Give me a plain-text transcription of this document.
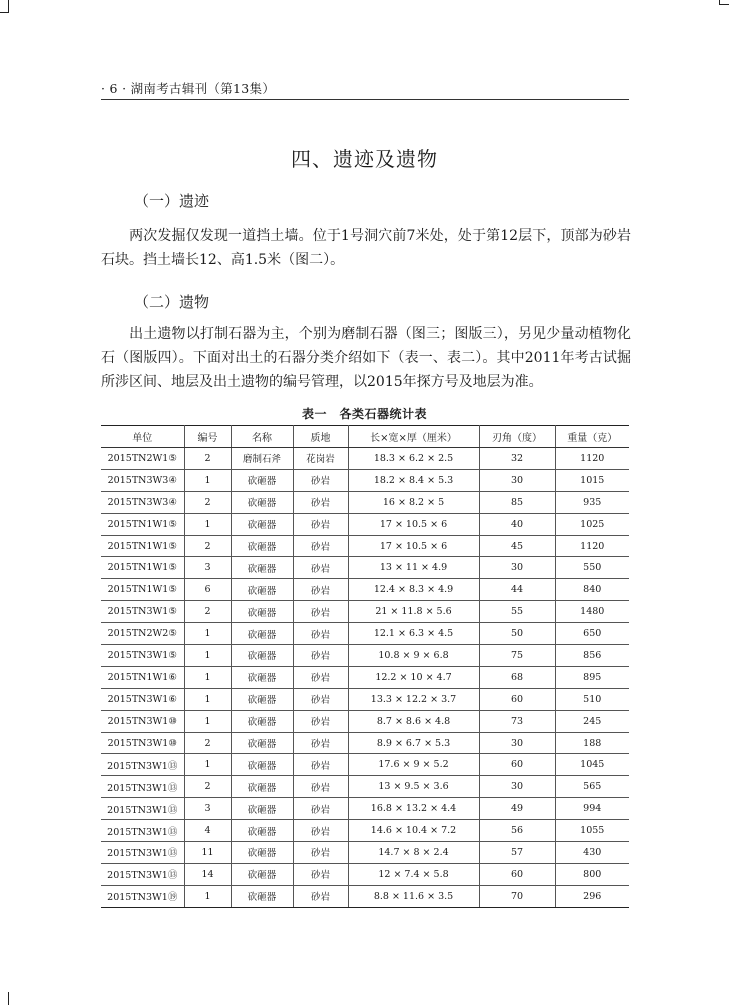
· 6 · 湖南考古辑刊（第13集）
四、遗迹及遗物
（一）遗迹
两次发掘仅发现一道挡土墙。位于1号洞穴前7米处，处于第12层下，顶部为砂岩石块。挡土墙长12、高1.5米（图二）。
（二）遗物
出土遗物以打制石器为主，个别为磨制石器（图三；图版三），另见少量动植物化石（图版四）。下面对出土的石器分类介绍如下（表一、表二）。其中2011年考古试掘所涉区间、地层及出土遗物的编号管理，以2015年探方号及地层为准。
表一　各类石器统计表
单位	编号	名称	质地	长×宽×厚（厘米）	刃角（度）	重量（克）
2015TN2W1⑤	2	磨制石斧	花岗岩	18.3 × 6.2 × 2.5	32	1120
2015TN3W3④	1	砍砸器	砂岩	18.2 × 8.4 × 5.3	30	1015
2015TN3W3④	2	砍砸器	砂岩	16 × 8.2 × 5	85	935
2015TN1W1⑤	1	砍砸器	砂岩	17 × 10.5 × 6	40	1025
2015TN1W1⑤	2	砍砸器	砂岩	17 × 10.5 × 6	45	1120
2015TN1W1⑤	3	砍砸器	砂岩	13 × 11 × 4.9	30	550
2015TN1W1⑤	6	砍砸器	砂岩	12.4 × 8.3 × 4.9	44	840
2015TN3W1⑤	2	砍砸器	砂岩	21 × 11.8 × 5.6	55	1480
2015TN2W2⑤	1	砍砸器	砂岩	12.1 × 6.3 × 4.5	50	650
2015TN3W1⑤	1	砍砸器	砂岩	10.8 × 9 × 6.8	75	856
2015TN1W1⑥	1	砍砸器	砂岩	12.2 × 10 × 4.7	68	895
2015TN3W1⑥	1	砍砸器	砂岩	13.3 × 12.2 × 3.7	60	510
2015TN3W1⑩	1	砍砸器	砂岩	8.7 × 8.6 × 4.8	73	245
2015TN3W1⑩	2	砍砸器	砂岩	8.9 × 6.7 × 5.3	30	188
2015TN3W1⑬	1	砍砸器	砂岩	17.6 × 9 × 5.2	60	1045
2015TN3W1⑬	2	砍砸器	砂岩	13 × 9.5 × 3.6	30	565
2015TN3W1⑬	3	砍砸器	砂岩	16.8 × 13.2 × 4.4	49	994
2015TN3W1⑬	4	砍砸器	砂岩	14.6 × 10.4 × 7.2	56	1055
2015TN3W1⑬	11	砍砸器	砂岩	14.7 × 8 × 2.4	57	430
2015TN3W1⑬	14	砍砸器	砂岩	12 × 7.4 × 5.8	60	800
2015TN3W1⑲	1	砍砸器	砂岩	8.8 × 11.6 × 3.5	70	296
